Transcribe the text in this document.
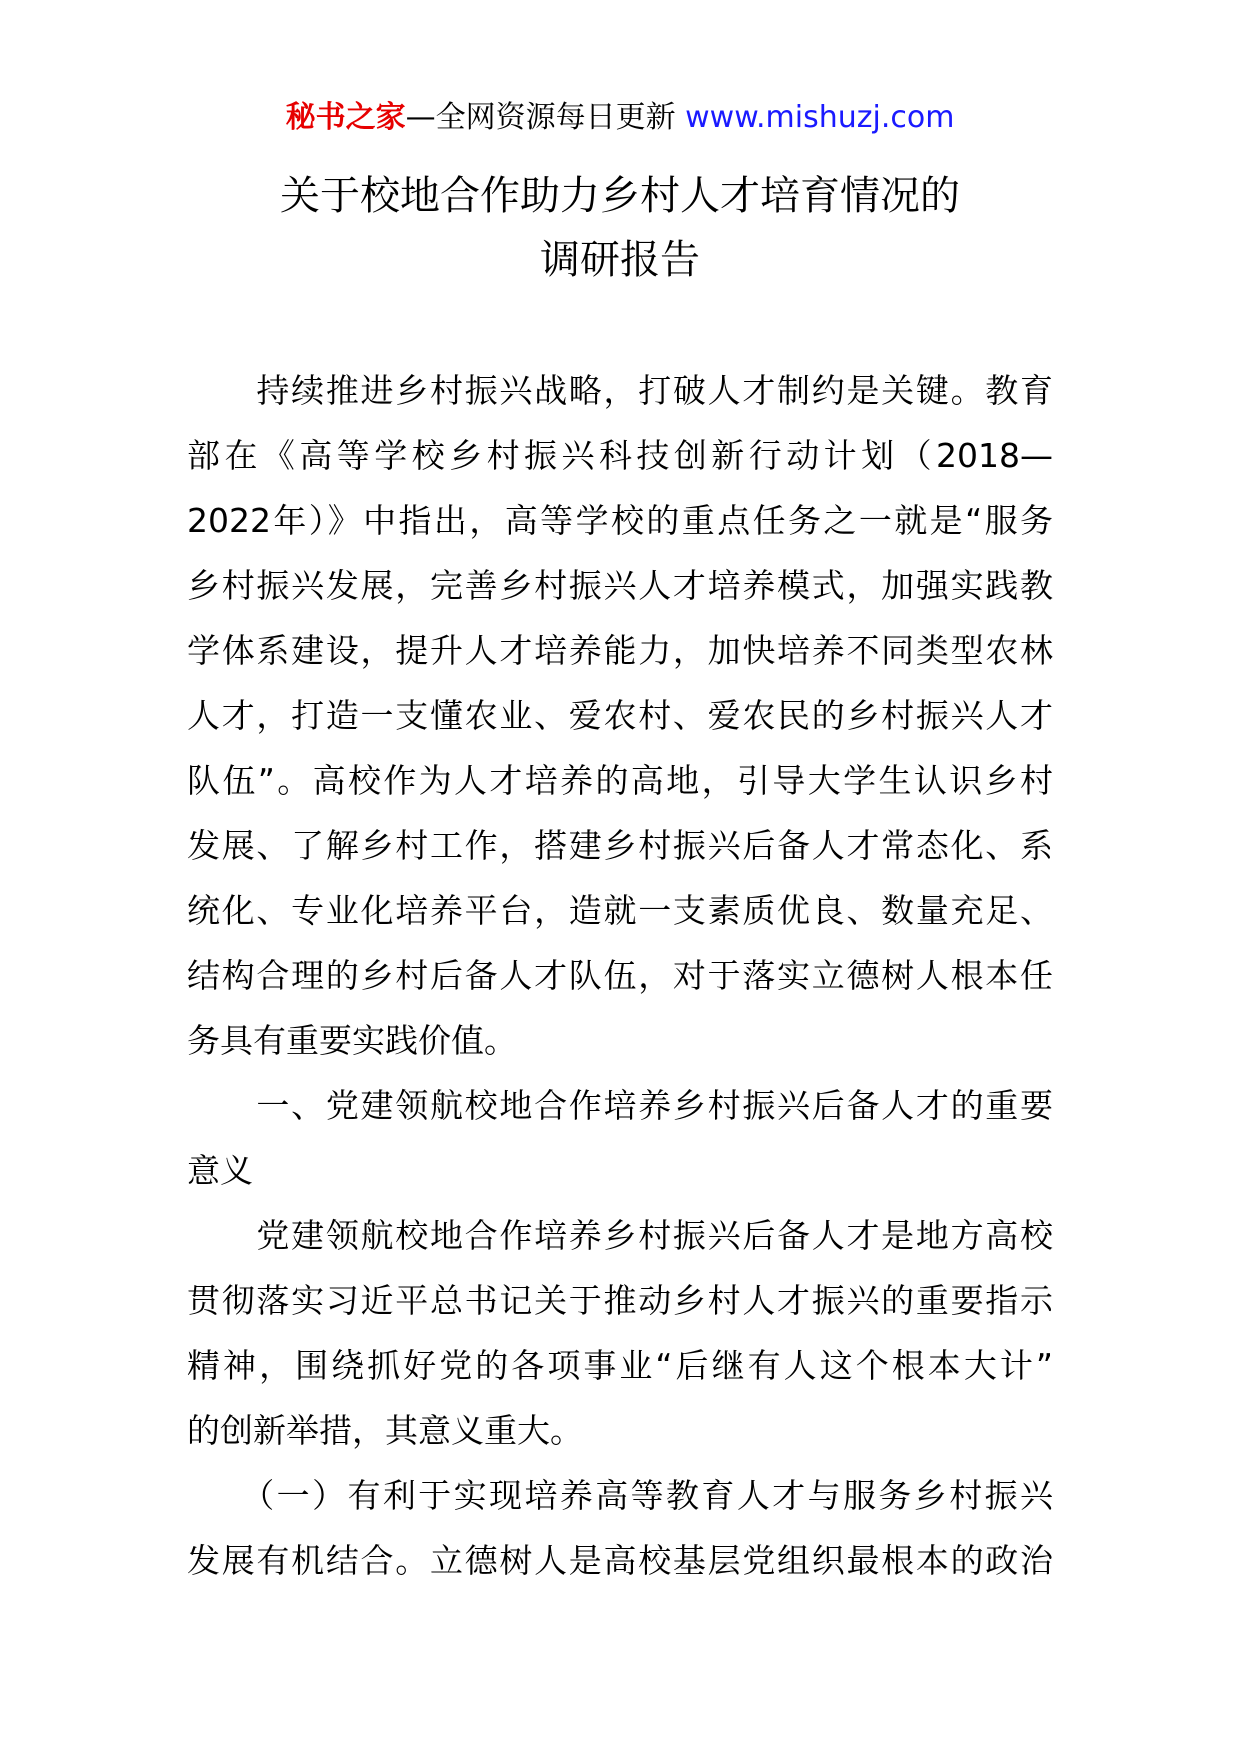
秘书之家—全网资源每日更新 www.mishuzj.com
关于校地合作助力乡村人才培育情况的
调研报告
　　持续推进乡村振兴战略，打破人才制约是关键。教育
部在《高等学校乡村振兴科技创新行动计划（2018—
2022年）》中指出，高等学校的重点任务之一就是“服务
乡村振兴发展，完善乡村振兴人才培养模式，加强实践教
学体系建设，提升人才培养能力，加快培养不同类型农林
人才，打造一支懂农业、爱农村、爱农民的乡村振兴人才
队伍”。高校作为人才培养的高地，引导大学生认识乡村
发展、了解乡村工作，搭建乡村振兴后备人才常态化、系
统化、专业化培养平台，造就一支素质优良、数量充足、
结构合理的乡村后备人才队伍，对于落实立德树人根本任
务具有重要实践价值。
　　一、党建领航校地合作培养乡村振兴后备人才的重要
意义
　　党建领航校地合作培养乡村振兴后备人才是地方高校
贯彻落实习近平总书记关于推动乡村人才振兴的重要指示
精神，围绕抓好党的各项事业“后继有人这个根本大计”
的创新举措，其意义重大。
　　（一）有利于实现培养高等教育人才与服务乡村振兴
发展有机结合。立德树人是高校基层党组织最根本的政治
